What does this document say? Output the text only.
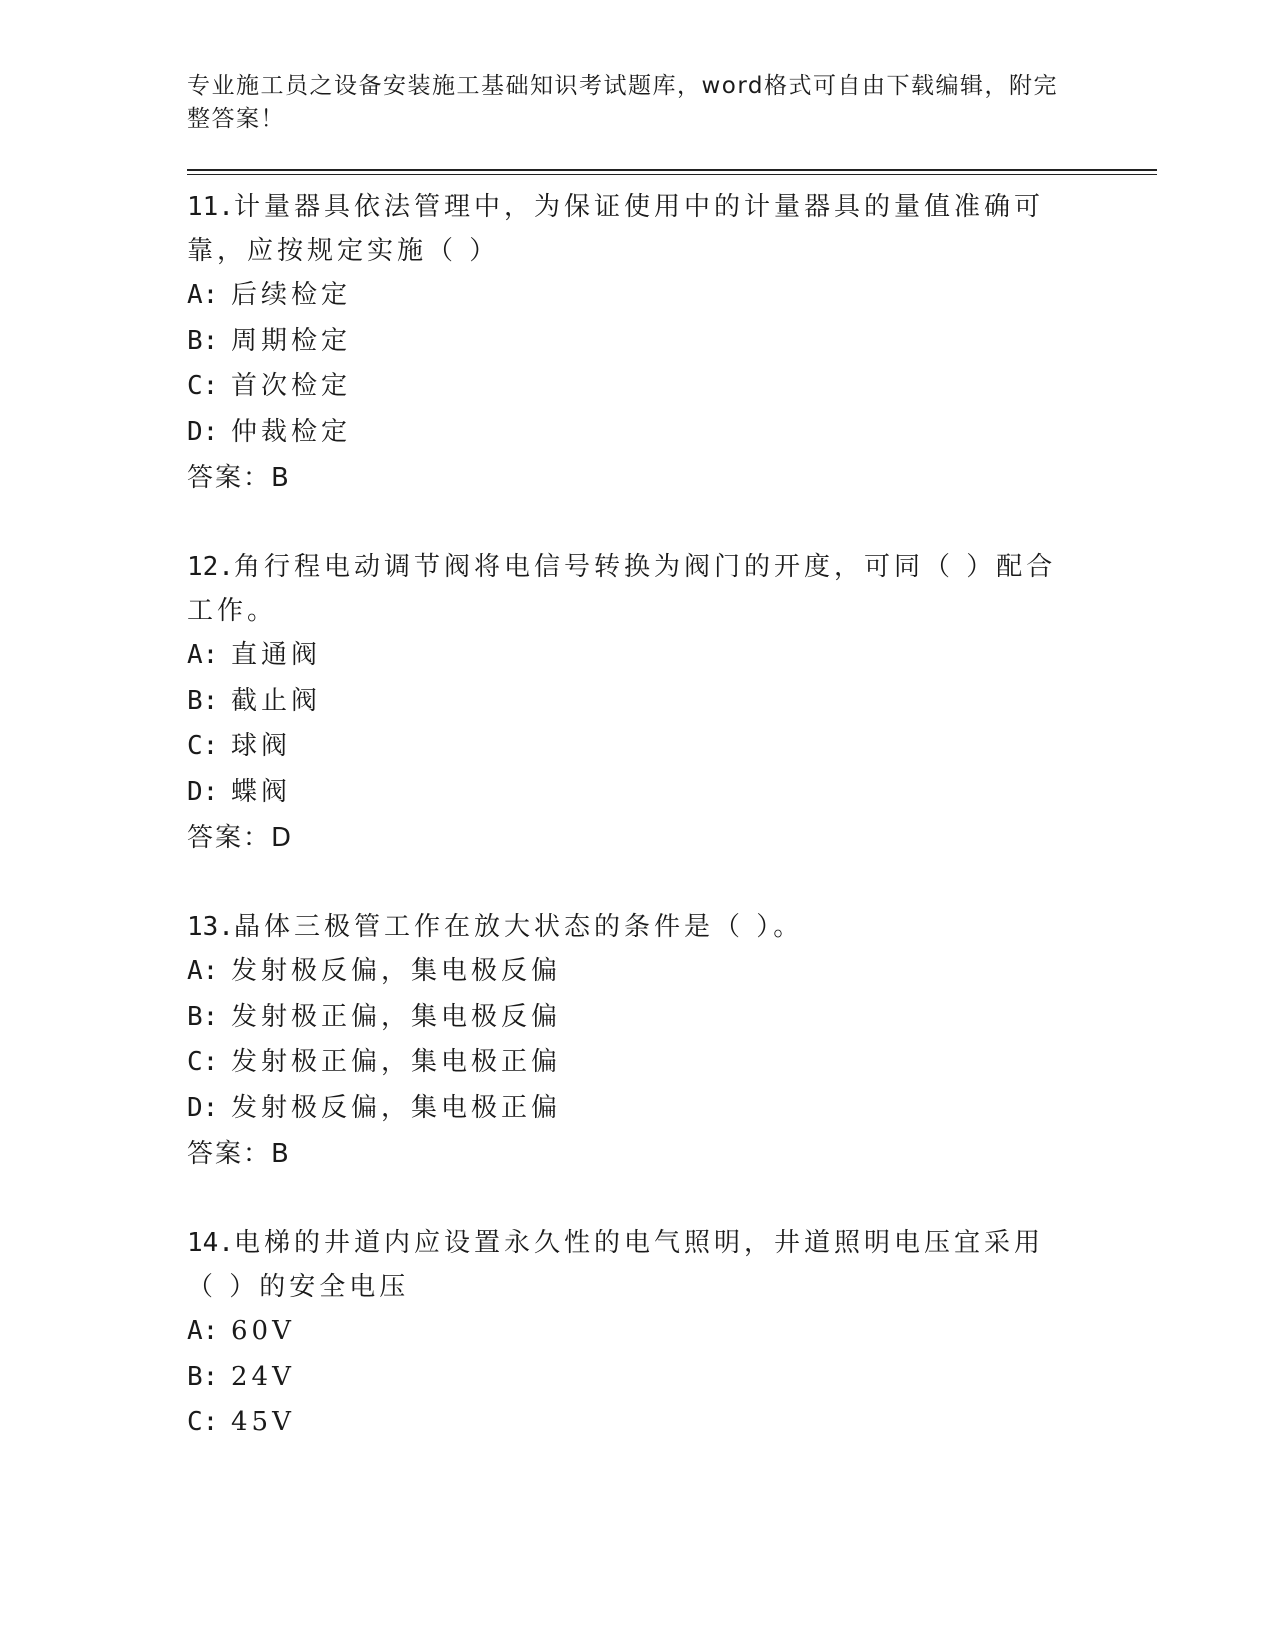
专业施工员之设备安装施工基础知识考试题库，word格式可自由下载编辑，附完整答案！
11.计量器具依法管理中，为保证使用中的计量器具的量值准确可靠，应按规定实施（ ）
A: 后续检定
B: 周期检定
C: 首次检定
D: 仲裁检定
答案：B
12.角行程电动调节阀将电信号转换为阀门的开度，可同（ ）配合工作。
A: 直通阀
B: 截止阀
C: 球阀
D: 蝶阀
答案：D
13.晶体三极管工作在放大状态的条件是（ ）。
A: 发射极反偏，集电极反偏
B: 发射极正偏，集电极反偏
C: 发射极正偏，集电极正偏
D: 发射极反偏，集电极正偏
答案：B
14.电梯的井道内应设置永久性的电气照明，井道照明电压宜采用（ ）的安全电压
A: 60V
B: 24V
C: 45V
